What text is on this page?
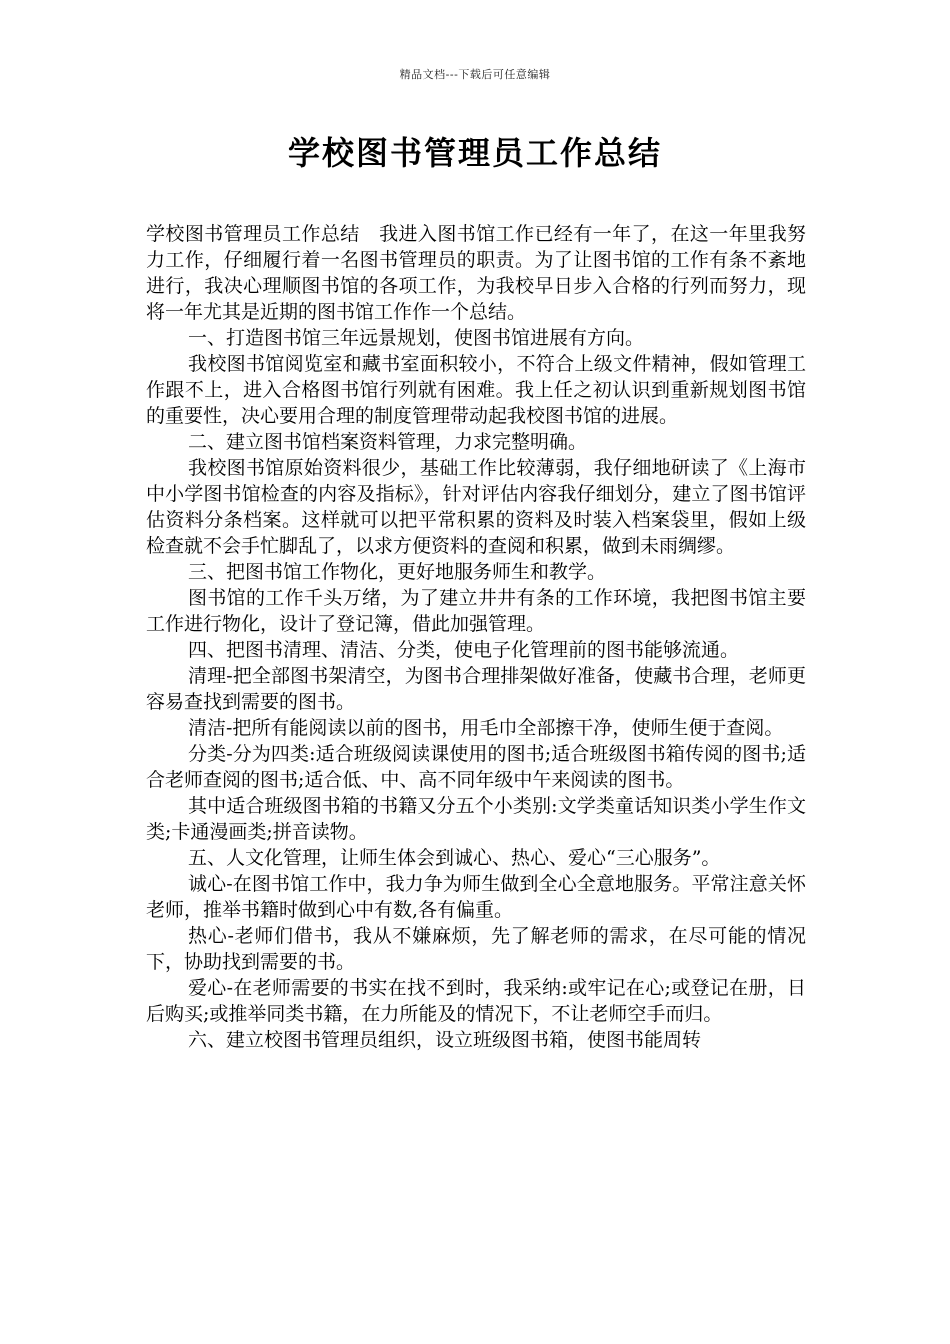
精品文档---下载后可任意编辑
学校图书管理员工作总结

学校图书管理员工作总结　我进入图书馆工作已经有一年了，在这一年里我努力工作，仔细履行着一名图书管理员的职责。为了让图书馆的工作有条不紊地进行，我决心理顺图书馆的各项工作，为我校早日步入合格的行列而努力，现将一年尤其是近期的图书馆工作作一个总结。

一、打造图书馆三年远景规划，使图书馆进展有方向。

我校图书馆阅览室和藏书室面积较小，不符合上级文件精神，假如管理工作跟不上，进入合格图书馆行列就有困难。我上任之初认识到重新规划图书馆的重要性，决心要用合理的制度管理带动起我校图书馆的进展。

二、建立图书馆档案资料管理，力求完整明确。

我校图书馆原始资料很少，基础工作比较薄弱，我仔细地研读了《上海市中小学图书馆检查的内容及指标》，针对评估内容我仔细划分，建立了图书馆评估资料分条档案。这样就可以把平常积累的资料及时装入档案袋里，假如上级检查就不会手忙脚乱了，以求方便资料的查阅和积累，做到未雨绸缪。

三、把图书馆工作物化，更好地服务师生和教学。

图书馆的工作千头万绪，为了建立井井有条的工作环境，我把图书馆主要工作进行物化，设计了登记簿，借此加强管理。

四、把图书清理、清洁、分类，使电子化管理前的图书能够流通。

清理-把全部图书架清空，为图书合理排架做好准备，使藏书合理，老师更容易查找到需要的图书。

清洁-把所有能阅读以前的图书，用毛巾全部擦干净，使师生便于查阅。

分类-分为四类:适合班级阅读课使用的图书;适合班级图书箱传阅的图书;适合老师查阅的图书;适合低、中、高不同年级中午来阅读的图书。

其中适合班级图书箱的书籍又分五个小类别:文学类童话知识类小学生作文类;卡通漫画类;拼音读物。

五、人文化管理，让师生体会到诚心、热心、爱心“三心服务”。

诚心-在图书馆工作中，我力争为师生做到全心全意地服务。平常注意关怀老师，推举书籍时做到心中有数,各有偏重。

热心-老师们借书，我从不嫌麻烦，先了解老师的需求，在尽可能的情况下，协助找到需要的书。

爱心-在老师需要的书实在找不到时，我采纳:或牢记在心;或登记在册，日后购买;或推举同类书籍，在力所能及的情况下，不让老师空手而归。

六、建立校图书管理员组织，设立班级图书箱，使图书能周转
